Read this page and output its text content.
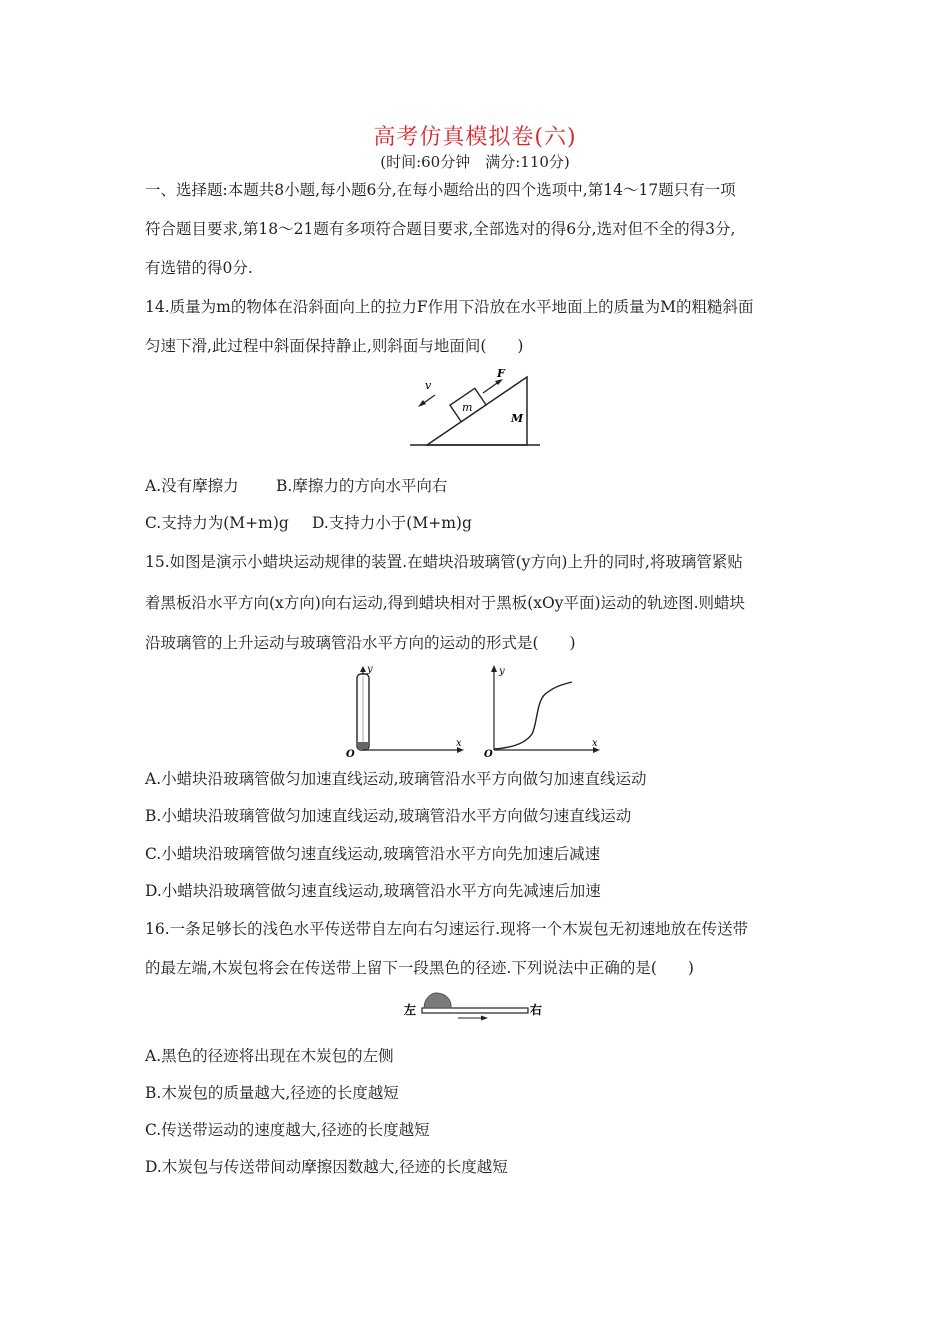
高考仿真模拟卷(六)
(时间:60分钟　满分:110分)
一、选择题:本题共8小题,每小题6分,在每小题给出的四个选项中,第14～17题只有一项
符合题目要求,第18～21题有多项符合题目要求,全部选对的得6分,选对但不全的得3分,
有选错的得0分.
14.质量为m的物体在沿斜面向上的拉力F作用下沿放在水平地面上的质量为M的粗糙斜面
匀速下滑,此过程中斜面保持静止,则斜面与地面间(　　)
m
F
v
M
A.没有摩擦力 B.摩擦力的方向水平向右
C.支持力为(M+m)g D.支持力小于(M+m)g
15.如图是演示小蜡块运动规律的装置.在蜡块沿玻璃管(y方向)上升的同时,将玻璃管紧贴
着黑板沿水平方向(x方向)向右运动,得到蜡块相对于黑板(xOy平面)运动的轨迹图.则蜡块
沿玻璃管的上升运动与玻璃管沿水平方向的运动的形式是(　　)
y
x
O
y
x
O
A.小蜡块沿玻璃管做匀加速直线运动,玻璃管沿水平方向做匀加速直线运动
B.小蜡块沿玻璃管做匀加速直线运动,玻璃管沿水平方向做匀速直线运动
C.小蜡块沿玻璃管做匀速直线运动,玻璃管沿水平方向先加速后减速
D.小蜡块沿玻璃管做匀速直线运动,玻璃管沿水平方向先减速后加速
16.一条足够长的浅色水平传送带自左向右匀速运行.现将一个木炭包无初速地放在传送带
的最左端,木炭包将会在传送带上留下一段黑色的径迹.下列说法中正确的是(　　)
左	右
A.黑色的径迹将出现在木炭包的左侧
B.木炭包的质量越大,径迹的长度越短
C.传送带运动的速度越大,径迹的长度越短
D.木炭包与传送带间动摩擦因数越大,径迹的长度越短
